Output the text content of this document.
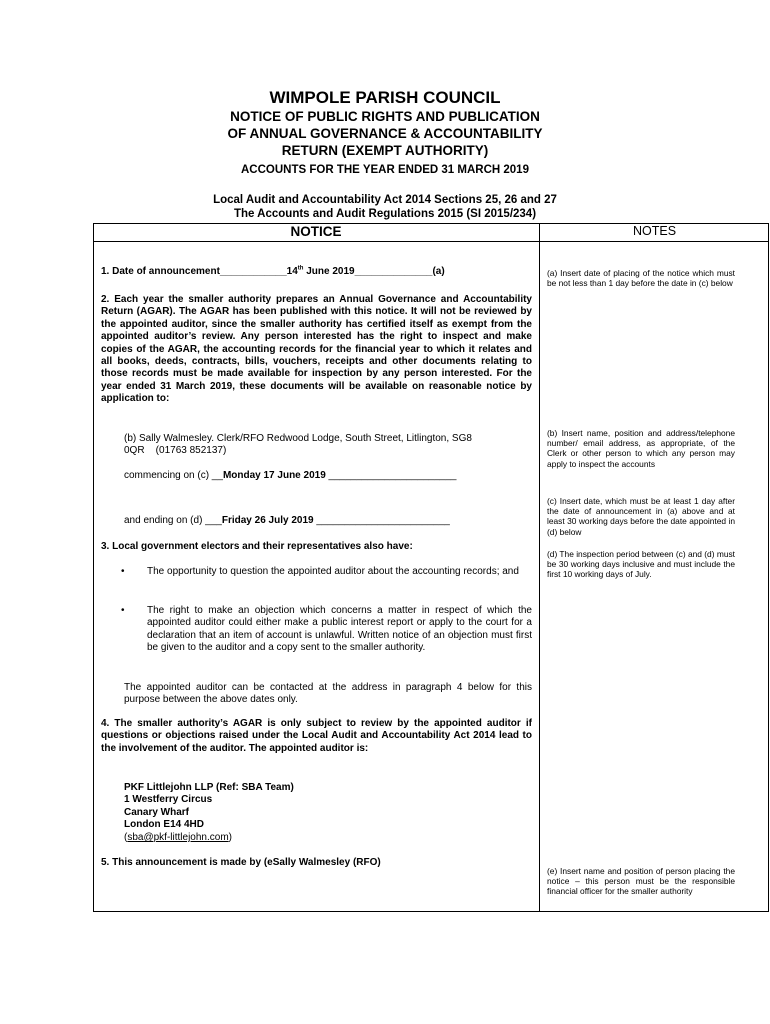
WIMPOLE PARISH COUNCIL
NOTICE OF PUBLIC RIGHTS AND PUBLICATION
OF ANNUAL GOVERNANCE & ACCOUNTABILITY
RETURN (EXEMPT AUTHORITY)
ACCOUNTS FOR THE YEAR ENDED 31 MARCH 2019
Local Audit and Accountability Act 2014 Sections 25, 26 and 27
The Accounts and Audit Regulations 2015 (SI 2015/234)
NOTICE	NOTES
1. Date of announcement____________14th June 2019______________(a)
2. Each year the smaller authority prepares an Annual Governance and Accountability Return (AGAR). The AGAR has been published with this notice. It will not be reviewed by the appointed auditor, since the smaller authority has certified itself as exempt from the appointed auditor’s review. Any person interested has the right to inspect and make copies of the AGAR, the accounting records for the financial year to which it relates and all books, deeds, contracts, bills, vouchers, receipts and other documents relating to those records must be made available for inspection by any person interested. For the year ended 31 March 2019, these documents will be available on reasonable notice by application to:
(b) Sally Walmesley. Clerk/RFO Redwood Lodge, South Street, Litlington, SG8
0QR    (01763 852137)
commencing on (c) __Monday 17 June 2019 _______________________
and ending on (d) ___Friday 26 July 2019 ________________________
3. Local government electors and their representatives also have:
• The opportunity to question the appointed auditor about the accounting records; and
• The right to make an objection which concerns a matter in respect of which the appointed auditor could either make a public interest report or apply to the court for a declaration that an item of account is unlawful. Written notice of an objection must first be given to the auditor and a copy sent to the smaller authority.
The appointed auditor can be contacted at the address in paragraph 4 below for this purpose between the above dates only.
4. The smaller authority’s AGAR is only subject to review by the appointed auditor if questions or objections raised under the Local Audit and Accountability Act 2014 lead to the involvement of the auditor. The appointed auditor is:
PKF Littlejohn LLP (Ref: SBA Team)
1 Westferry Circus
Canary Wharf
London E14 4HD
(sba@pkf-littlejohn.com)
5. This announcement is made by (eSally Walmesley (RFO)
(a) Insert date of placing of the notice which must be not less than 1 day before the date in (c) below
(b) Insert name, position and address/telephone number/ email address, as appropriate, of the Clerk or other person to which any person may apply to inspect the accounts
(c) Insert date, which must be at least 1 day after the date of announcement in (a) above and at least 30 working days before the date appointed in (d) below
(d) The inspection period between (c) and (d) must be 30 working days inclusive and must include the first 10 working days of July.
(e) Insert name and position of person placing the notice – this person must be the responsible financial officer for the smaller authority
